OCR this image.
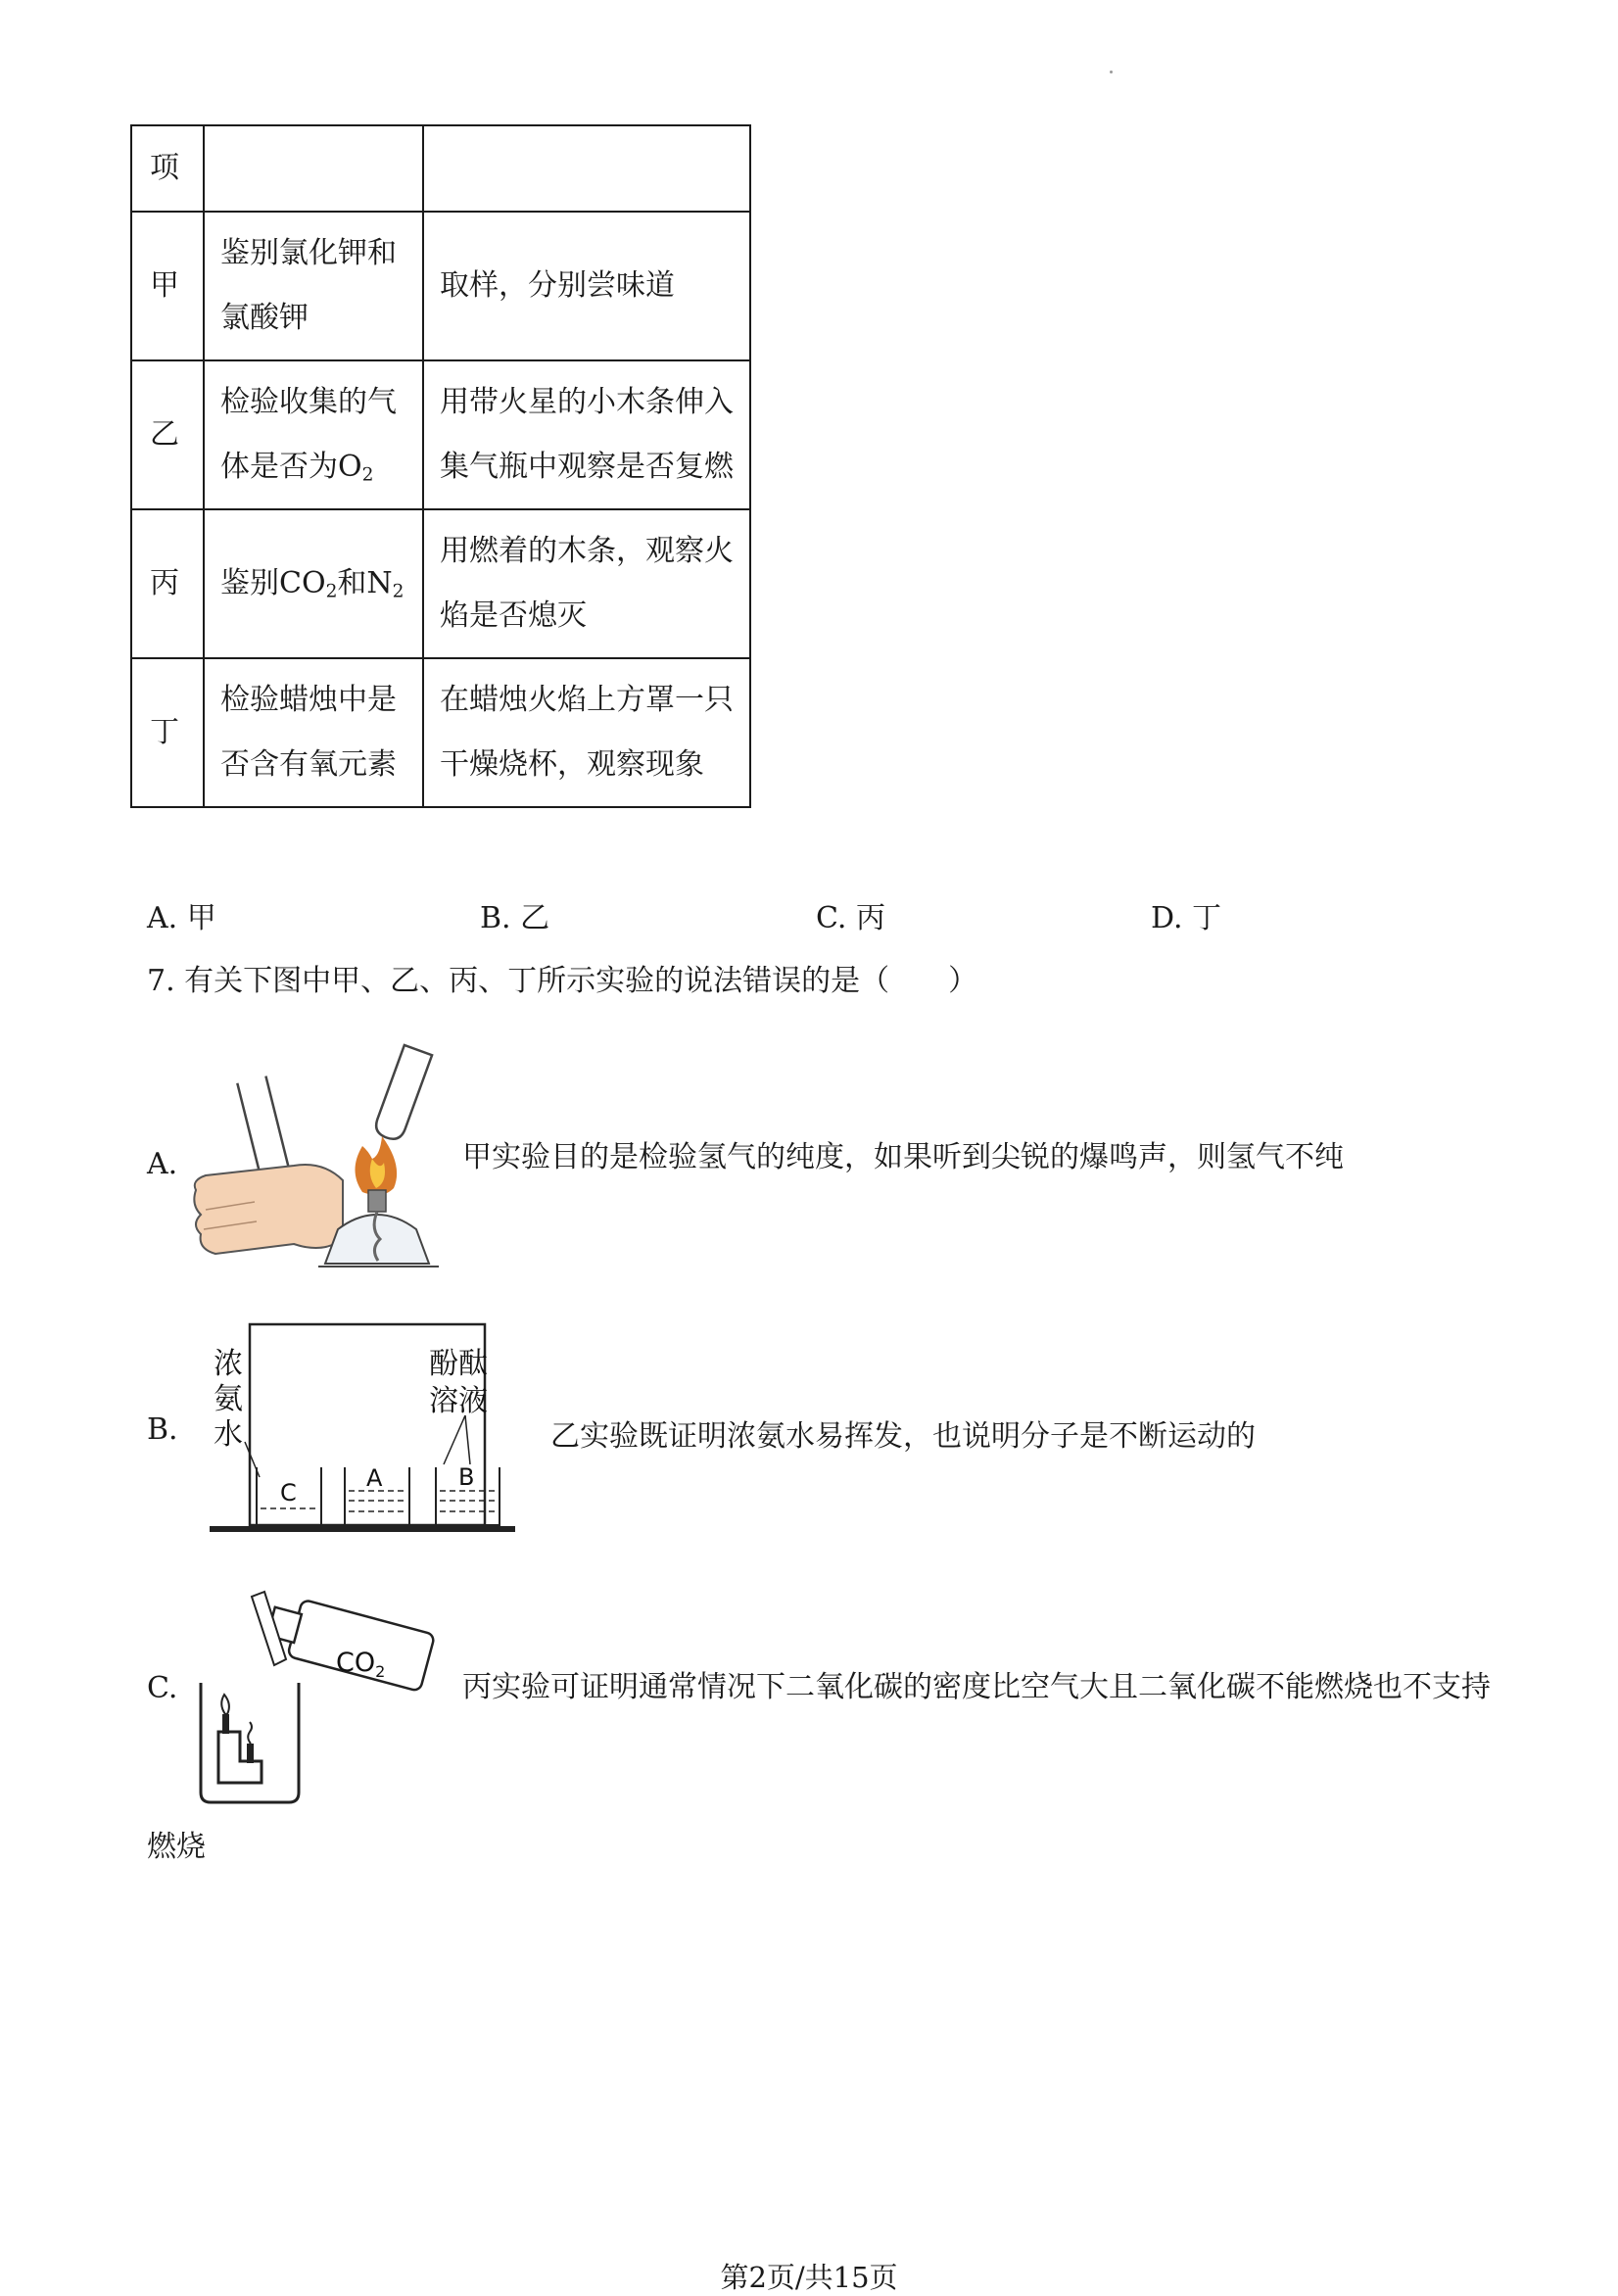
项		
甲	鉴别氯化钾和氯酸钾	取样，分别尝味道
乙	检验收集的气体是否为$O_2$	用带火星的小木条伸入集气瓶中观察是否复燃
丙	鉴别$CO_2$和$N_2$	用燃着的木条，观察火焰是否熄灭
丁	检验蜡烛中是否含有氧元素	在蜡烛火焰上方罩一只干燥烧杯，观察现象
A. 甲	B. 乙	C. 丙	D. 丁
7. 有关下图中甲、乙、丙、丁所示实验的说法错误的是（　　）
A.	甲实验目的是检验氢气的纯度，如果听到尖锐的爆鸣声，则氢气不纯
B.
浓
氨
水
酚酞
溶液
C
A	B
乙实验既证明浓氨水易挥发，也说明分子是不断运动的
C.
$CO_2$	丙实验可证明通常情况下二氧化碳的密度比空气大且二氧化碳不能燃烧也不支持
燃烧
第2页/共15页
